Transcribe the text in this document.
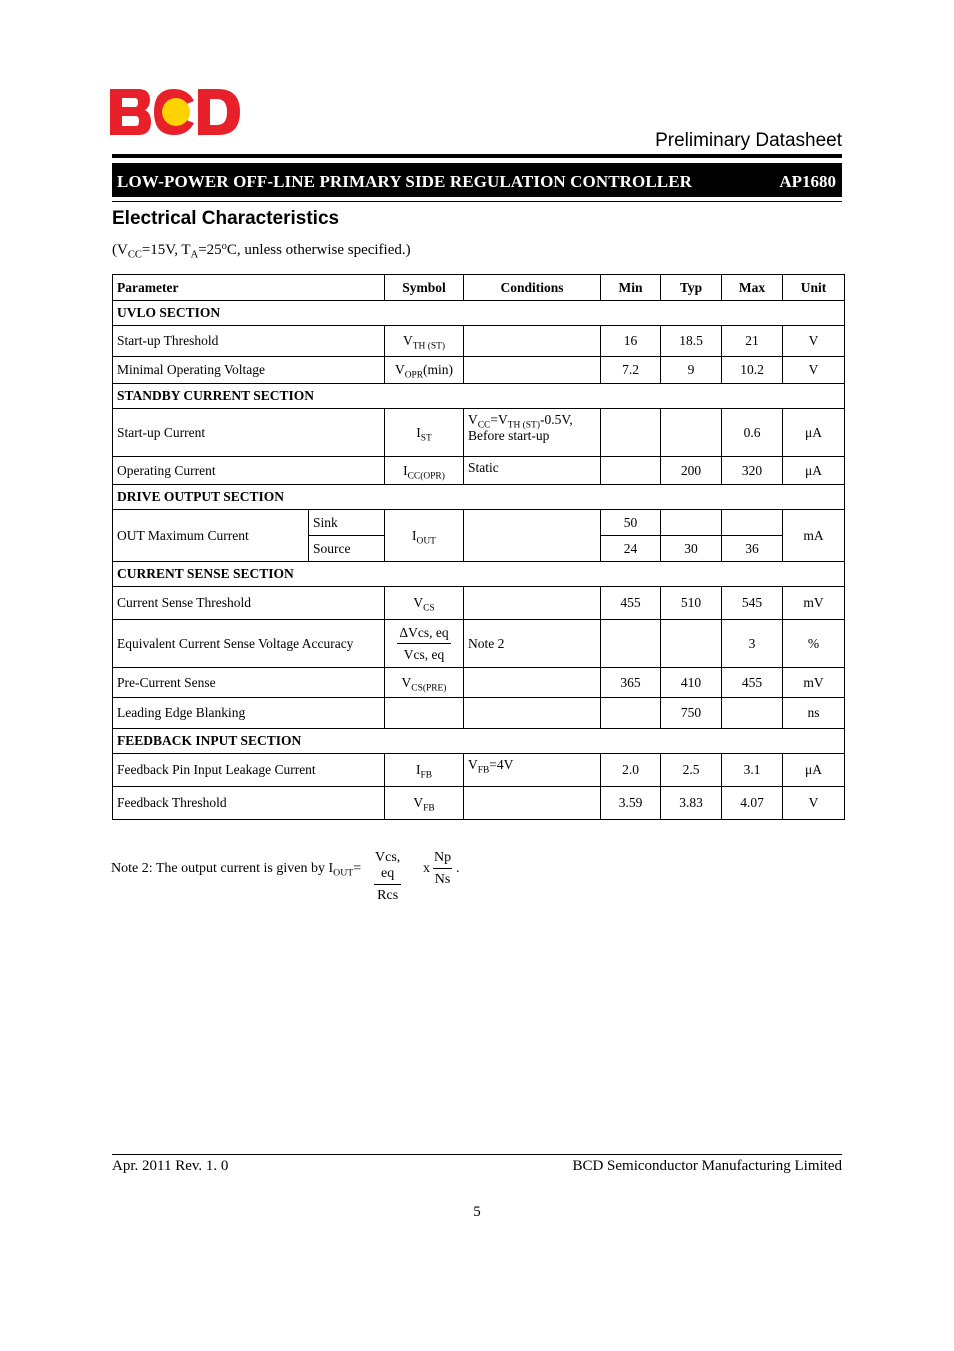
Preliminary Datasheet
LOW-POWER OFF-LINE PRIMARY SIDE REGULATION CONTROLLER	AP1680
Electrical Characteristics
($V_{CC}=15V$, $T_A=25^oC$, unless otherwise specified.)
Parameter		Symbol	Conditions	Min	Typ	Max	Unit
UVLO SECTION							
Start-up Threshold		$V_{TH (ST)}$		16	18.5	21	V
Minimal Operating Voltage		$V_{OPR}(\min)$		7.2	9	10.2	V
STANDBY CURRENT SECTION							
Start-up Current		$I_{ST}$	$V_{CC}=V_{TH (ST)}-0.5V$,
Before start-up			0.6	μA
Operating Current		$I_{CC(OPR)}$	Static		200	320	μA
DRIVE OUTPUT SECTION							
OUT Maximum Current	Sink	$I_{OUT}$		50			mA
	Source			24	30	36	
CURRENT SENSE SECTION							
Current Sense Threshold		$V_{CS}$		455	510	545	mV
Equivalent Current Sense Voltage Accuracy		$\frac{\text{ΔVcs, eq}}{\text{Vcs, eq}}$	Note 2			3	%
Pre-Current Sense		$V_{CS(PRE)}$		365	410	455	mV
Leading Edge Blanking					750		ns
FEEDBACK INPUT SECTION							
Feedback Pin Input Leakage Current		$I_{FB}$	$V_{FB}=4V$	2.0	2.5	3.1	μA
Feedback Threshold		$V_{FB}$		3.59	3.83	4.07	V
Note 2: The output current is given by $I_{OUT}=$
Vcs, eq
Rcs
x $\frac{Np}{Ns}$ .
Apr. 2011 Rev. 1. 0	BCD Semiconductor Manufacturing Limited
5
